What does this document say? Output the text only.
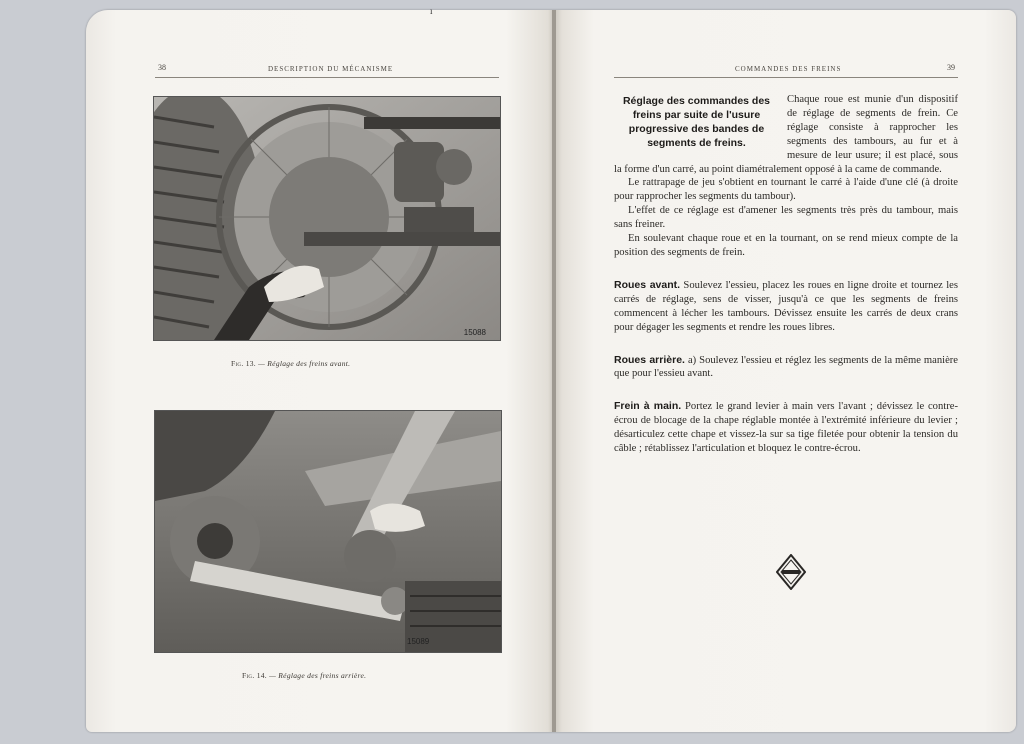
ı
38	DESCRIPTION DU MÉCANISME
15088
Fig. 13. — Réglage des freins avant.
15089
Fig. 14. — Réglage des freins arrière.
COMMANDES DES FREINS	39
Réglage des commandes des freins par suite de l'usure progressive des bandes de segments de freins.

Chaque roue est munie d'un dispositif de réglage de segments de frein. Ce réglage consiste à rapprocher les segments des tambours, au fur et à mesure de leur usure; il est placé, sous la forme d'un carré, au point diamétralement opposé à la came de commande.

Le rattrapage de jeu s'obtient en tournant le carré à l'aide d'une clé (à droite pour rapprocher les segments du tambour).

L'effet de ce réglage est d'amener les segments très près du tambour, mais sans freiner.

En soulevant chaque roue et en la tournant, on se rend mieux compte de la position des segments de frein.

Roues avant. Soulevez l'essieu, placez les roues en ligne droite et tournez les carrés de réglage, sens de visser, jusqu'à ce que les segments de freins commencent à lécher les tambours. Dévissez ensuite les carrés de deux crans pour dégager les segments et rendre les roues libres.

Roues arrière. a) Soulevez l'essieu et réglez les segments de la même manière que pour l'essieu avant.

Frein à main. Portez le grand levier à main vers l'avant ; dévissez le contre-écrou de blocage de la chape réglable montée à l'extrémité inférieure du levier ; désarticulez cette chape et vissez-la sur sa tige filetée pour obtenir la tension du câble ; rétablissez l'articulation et bloquez le contre-écrou.
